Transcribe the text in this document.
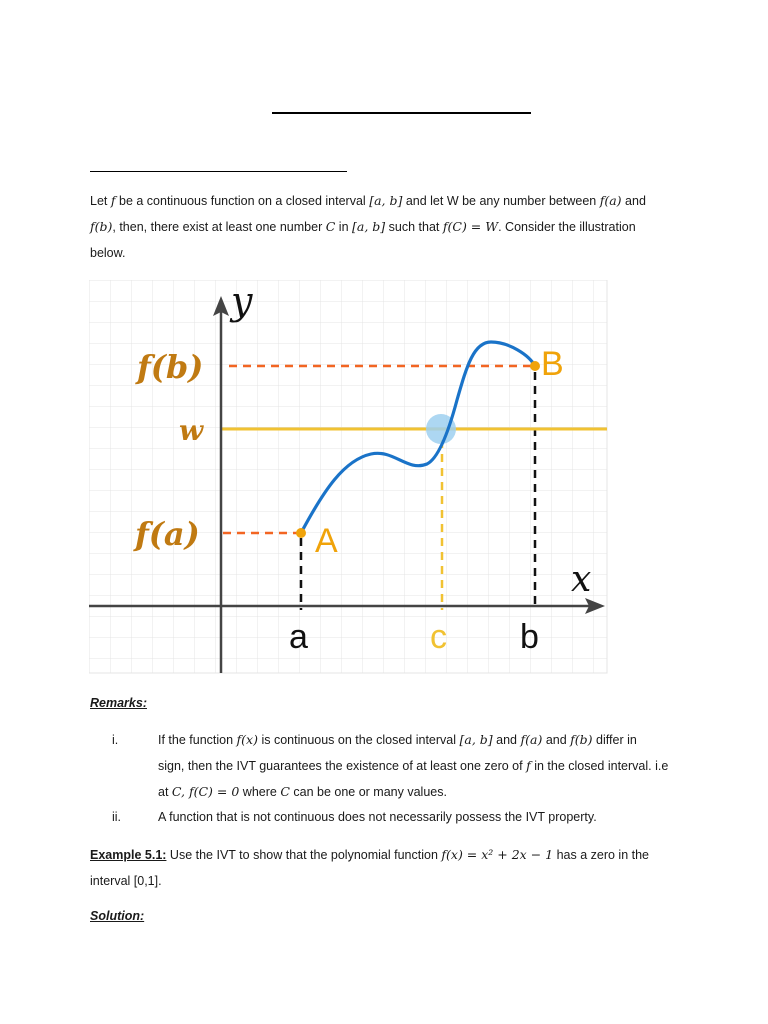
Let f be a continuous function on a closed interval [a, b] and let W be any number between f(a) and
f(b), then, there exist at least one number C in [a, b] such that f(C) = W. Consider the illustration
below.
y
x
f(b)
w
f(a)	A
B
a	c b
Remarks:
i.	If the function f(x) is continuous on the closed interval [a, b] and f(a) and f(b) differ in
sign, then the IVT guarantees the existence of at least one zero of f in the closed interval. i.e
at C, f(C) = 0 where C can be one or many values.
ii.	A function that is not continuous does not necessarily possess the IVT property.
Example 5.1: Use the IVT to show that the polynomial function f(x) = x² + 2x − 1 has a zero in the
interval [0,1].
Solution:
